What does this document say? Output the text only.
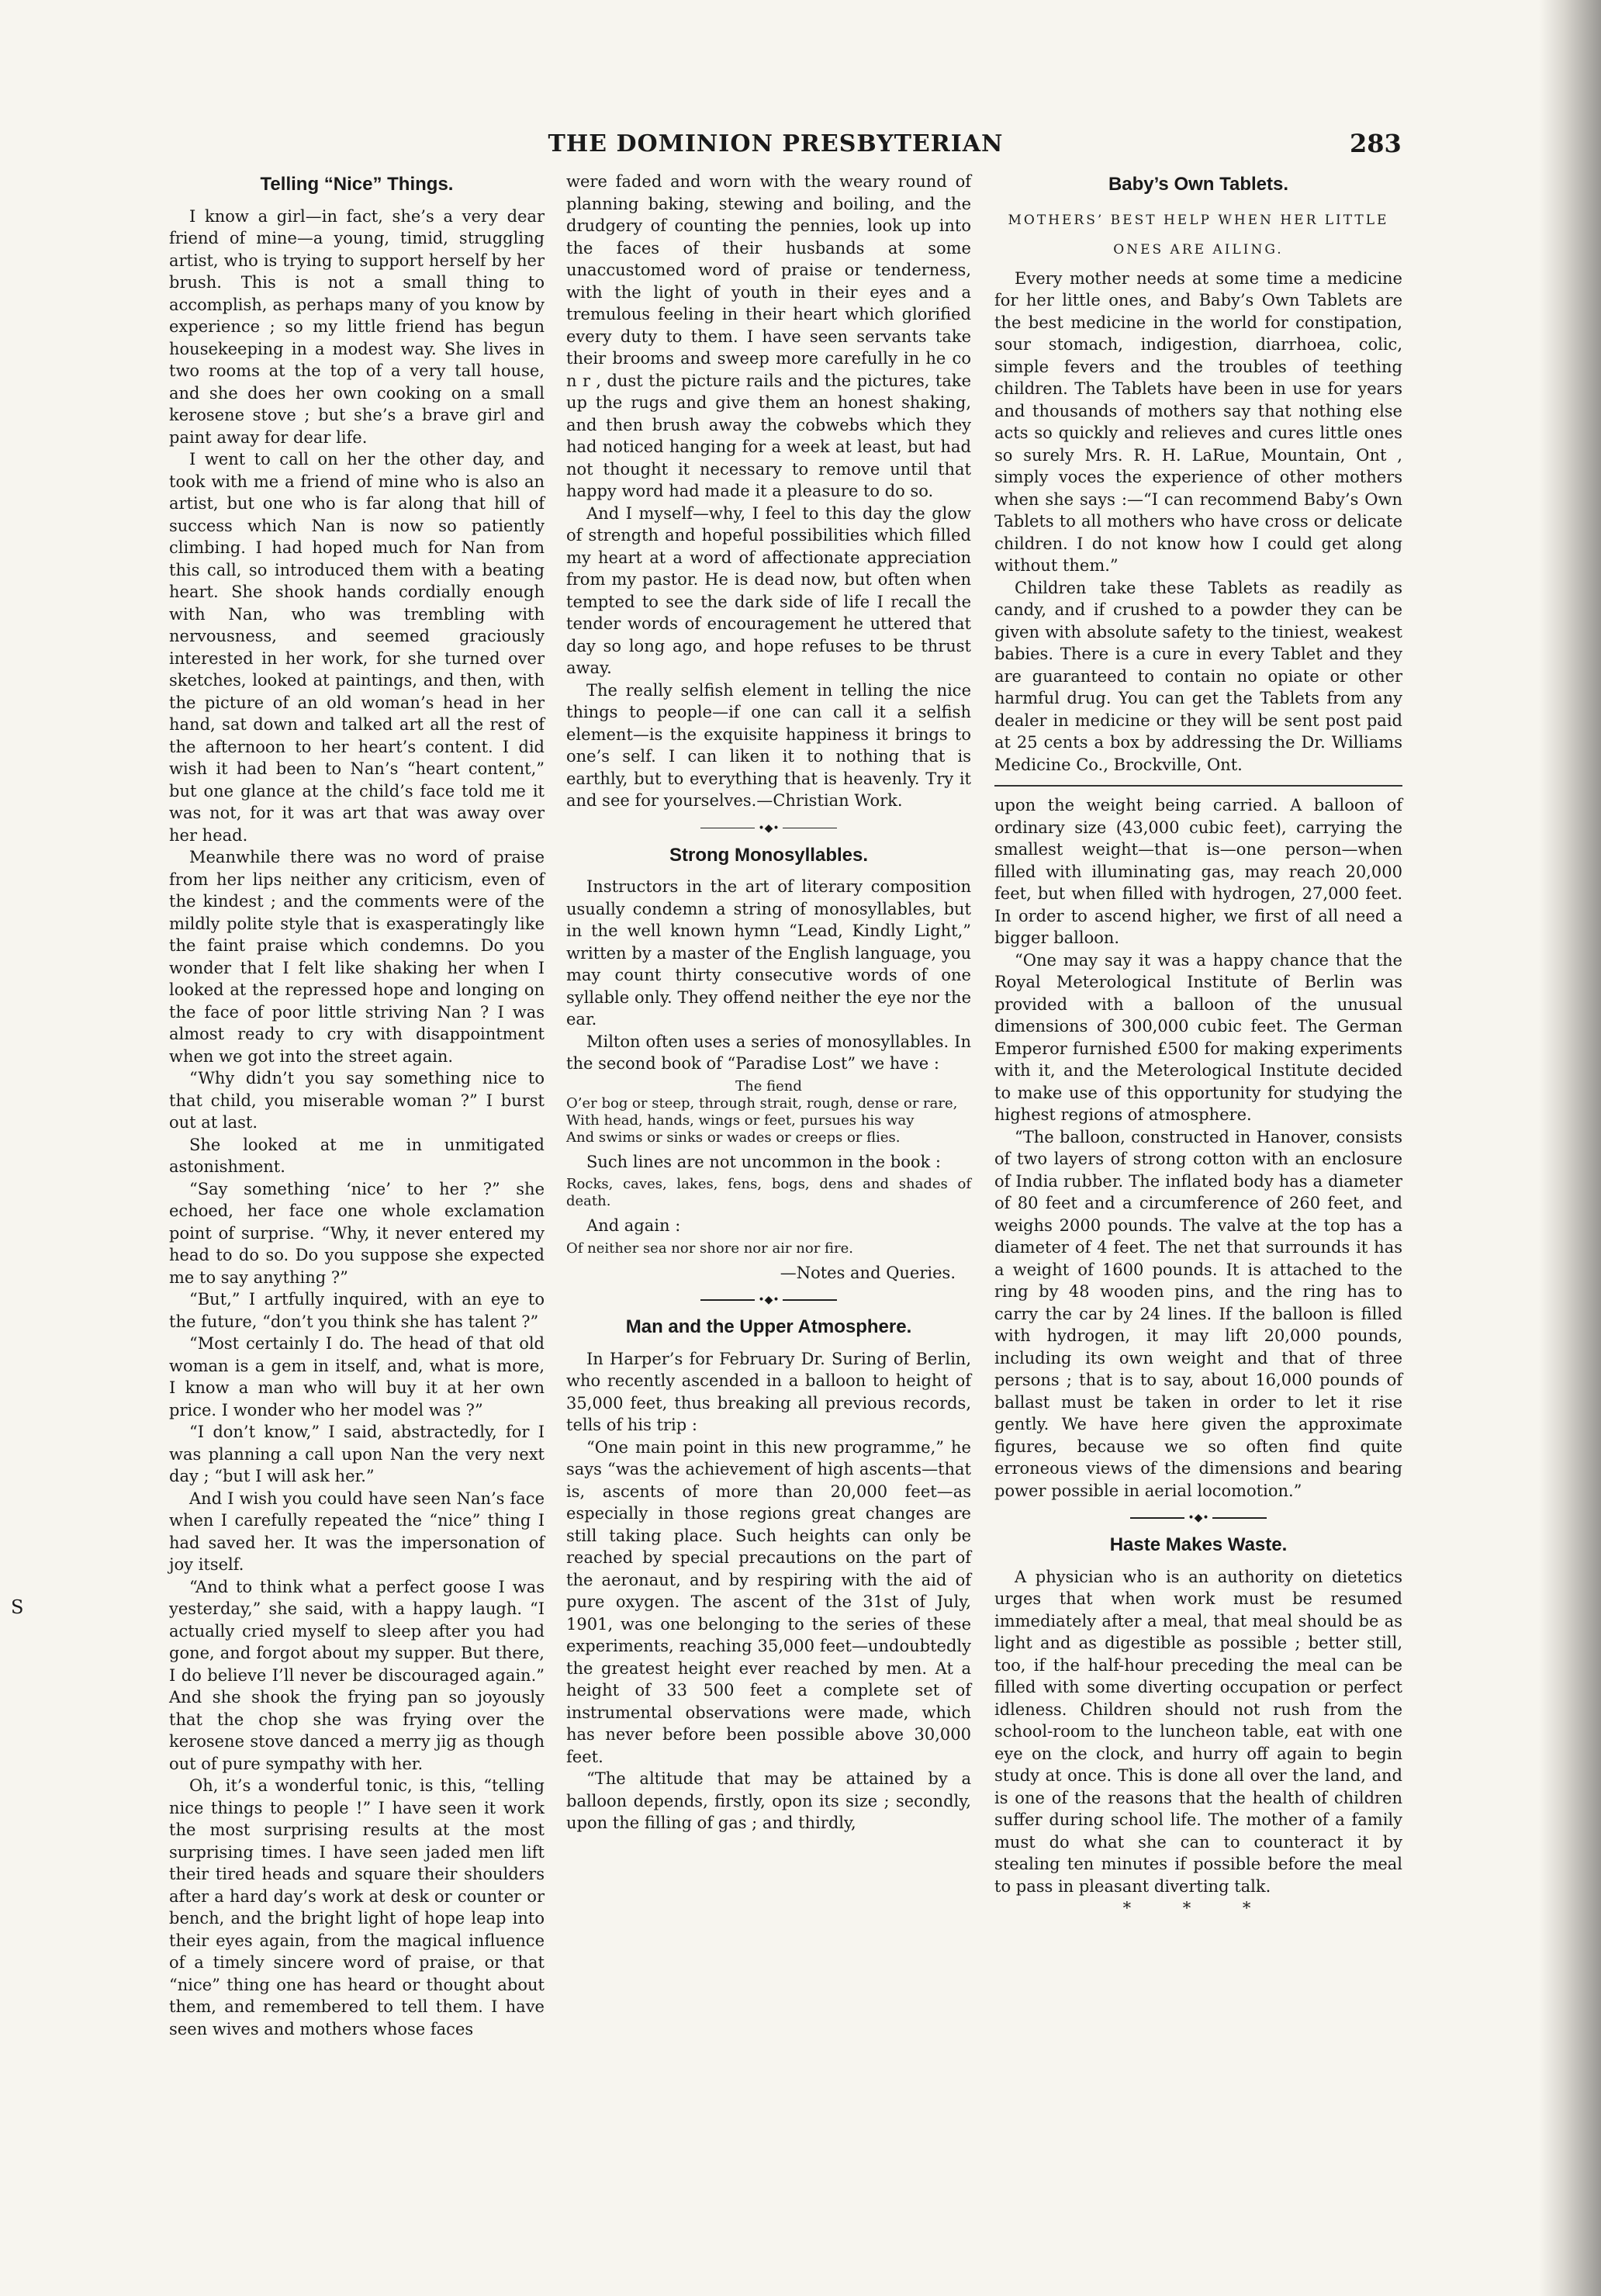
THE DOMINION PRESBYTERIAN	283
S
Telling “Nice” Things.

I know a girl—in fact, she’s a very dear friend of mine—a young, timid, struggling artist, who is trying to support herself by her brush. This is not a small thing to accomplish, as perhaps many of you know by experience ; so my little friend has begun housekeeping in a modest way. She lives in two rooms at the top of a very tall house, and she does her own cooking on a small kerosene stove ; but she’s a brave girl and paint away for dear life.

I went to call on her the other day, and took with me a friend of mine who is also an artist, but one who is far along that hill of success which Nan is now so patiently climbing. I had hoped much for Nan from this call, so introduced them with a beating heart. She shook hands cordially enough with Nan, who was trembling with nervousness, and seemed graciously interested in her work, for she turned over sketches, looked at paintings, and then, with the picture of an old woman’s head in her hand, sat down and talked art all the rest of the afternoon to her heart’s content. I did wish it had been to Nan’s “heart content,” but one glance at the child’s face told me it was not, for it was art that was away over her head.

Meanwhile there was no word of praise from her lips neither any criticism, even of the kindest ; and the comments were of the mildly polite style that is exasperatingly like the faint praise which condemns. Do you wonder that I felt like shaking her when I looked at the repressed hope and longing on the face of poor little striving Nan ? I was almost ready to cry with disappointment when we got into the street again.

“Why didn’t you say something nice to that child, you miserable woman ?” I burst out at last.

She looked at me in unmitigated astonishment.

“Say something ‘nice’ to her ?” she echoed, her face one whole exclamation point of surprise. “Why, it never entered my head to do so. Do you suppose she expected me to say anything ?”

“But,” I artfully inquired, with an eye to the future, “don’t you think she has talent ?”

“Most certainly I do. The head of that old woman is a gem in itself, and, what is more, I know a man who will buy it at her own price. I wonder who her model was ?”

“I don’t know,” I said, abstractedly, for I was planning a call upon Nan the very next day ; “but I will ask her.”

And I wish you could have seen Nan’s face when I carefully repeated the “nice” thing I had saved her. It was the impersonation of joy itself.

“And to think what a perfect goose I was yesterday,” she said, with a happy laugh. “I actually cried myself to sleep after you had gone, and forgot about my supper. But there, I do believe I’ll never be discouraged again.” And she shook the frying pan so joyously that the chop she was frying over the kerosene stove danced a merry jig as though out of pure sympathy with her.

Oh, it’s a wonderful tonic, is this, “telling nice things to people !” I have seen it work the most surprising results at the most surprising times. I have seen jaded men lift their tired heads and square their shoulders after a hard day’s work at desk or counter or bench, and the bright light of hope leap into their eyes again, from the magical influence of a timely sincere word of praise, or that “nice” thing one has heard or thought about them, and remembered to tell them. I have seen wives and mothers whose faces

were faded and worn with the weary round of planning baking, stewing and boiling, and the drudgery of counting the pennies, look up into the faces of their husbands at some unaccustomed word of praise or tenderness, with the light of youth in their eyes and a tremulous feeling in their heart which glorified every duty to them. I have seen servants take their brooms and sweep more carefully in he co n r , dust the picture rails and the pictures, take up the rugs and give them an honest shaking, and then brush away the cobwebs which they had noticed hanging for a week at least, but had not thought it necessary to remove until that happy word had made it a pleasure to do so.

And I myself—why, I feel to this day the glow of strength and hopeful possibilities which filled my heart at a word of affectionate appreciation from my pastor. He is dead now, but often when tempted to see the dark side of life I recall the tender words of encouragement he uttered that day so long ago, and hope refuses to be thrust away.

The really selfish element in telling the nice things to people—if one can call it a selfish element—is the exquisite happiness it brings to one’s self. I can liken it to nothing that is earthly, but to everything that is heavenly. Try it and see for yourselves.—Christian Work.

•◆•
Strong Monosyllables.

Instructors in the art of literary composition usually condemn a string of monosyllables, but in the well known hymn “Lead, Kindly Light,” written by a master of the English language, you may count thirty consecutive words of one syllable only. They offend neither the eye nor the ear.

Milton often uses a series of monosyllables. In the second book of “Paradise Lost” we have :

The fiend
O’er bog or steep, through strait, rough, dense or rare,
With head, hands, wings or feet, pursues his way
And swims or sinks or wades or creeps or flies.

Such lines are not uncommon in the book :

Rocks, caves, lakes, fens, bogs, dens and shades of death.

And again :

Of neither sea nor shore nor air nor fire.
—Notes and Queries.
•◆•
Man and the Upper Atmosphere.

In Harper’s for February Dr. Suring of Berlin, who recently ascended in a balloon to height of 35,000 feet, thus breaking all previous records, tells of his trip :

“One main point in this new programme,” he says “was the achievement of high ascents—that is, ascents of more than 20,000 feet—as especially in those regions great changes are still taking place. Such heights can only be reached by special precautions on the part of the aeronaut, and by respiring with the aid of pure oxygen. The ascent of the 31st of July, 1901, was one belonging to the series of these experiments, reaching 35,000 feet—undoubtedly the greatest height ever reached by men. At a height of 33 500 feet a complete set of instrumental observations were made, which has never before been possible above 30,000 feet.

“The altitude that may be attained by a balloon depends, firstly, opon its size ; secondly, upon the filling of gas ; and thirdly,

Baby’s Own Tablets.
MOTHERS’ BEST HELP WHEN HER LITTLE ONES ARE AILING.

Every mother needs at some time a medicine for her little ones, and Baby’s Own Tablets are the best medicine in the world for constipation, sour stomach, indigestion, diarrhoea, colic, simple fevers and the troubles of teething children. The Tablets have been in use for years and thousands of mothers say that nothing else acts so quickly and relieves and cures little ones so surely Mrs. R. H. LaRue, Mountain, Ont , simply voces the experience of other mothers when she says :—“I can recommend Baby’s Own Tablets to all mothers who have cross or delicate children. I do not know how I could get along without them.”

Children take these Tablets as readily as candy, and if crushed to a powder they can be given with absolute safety to the tiniest, weakest babies. There is a cure in every Tablet and they are guaranteed to contain no opiate or other harmful drug. You can get the Tablets from any dealer in medicine or they will be sent post paid at 25 cents a box by addressing the Dr. Williams Medicine Co., Brockville, Ont.

upon the weight being carried. A balloon of ordinary size (43,000 cubic feet), carrying the smallest weight—that is—one person—when filled with illuminating gas, may reach 20,000 feet, but when filled with hydrogen, 27,000 feet. In order to ascend higher, we first of all need a bigger balloon.

“One may say it was a happy chance that the Royal Meterological Institute of Berlin was provided with a balloon of the unusual dimensions of 300,000 cubic feet. The German Emperor furnished £500 for making experiments with it, and the Meterological Institute decided to make use of this opportunity for studying the highest regions of atmosphere.

“The balloon, constructed in Hanover, consists of two layers of strong cotton with an enclosure of India rubber. The inflated body has a diameter of 80 feet and a circumference of 260 feet, and weighs 2000 pounds. The valve at the top has a diameter of 4 feet. The net that surrounds it has a weight of 1600 pounds. It is attached to the ring by 48 wooden pins, and the ring has to carry the car by 24 lines. If the balloon is filled with hydrogen, it may lift 20,000 pounds, including its own weight and that of three persons ; that is to say, about 16,000 pounds of ballast must be taken in order to let it rise gently. We have here given the approximate figures, because we so often find quite erroneous views of the dimensions and bearing power possible in aerial locomotion.”

•◆•
Haste Makes Waste.

A physician who is an authority on dietetics urges that when work must be resumed immediately after a meal, that meal should be as light and as digestible as possible ; better still, too, if the half-hour preceding the meal can be filled with some diverting occupation or perfect idleness. Children should not rush from the school-room to the luncheon table, eat with one eye on the clock, and hurry off again to begin study at once. This is done all over the land, and is one of the reasons that the health of children suffer during school life. The mother of a family must do what she can to counteract it by stealing ten minutes if possible before the meal to pass in pleasant diverting talk.

* * *
